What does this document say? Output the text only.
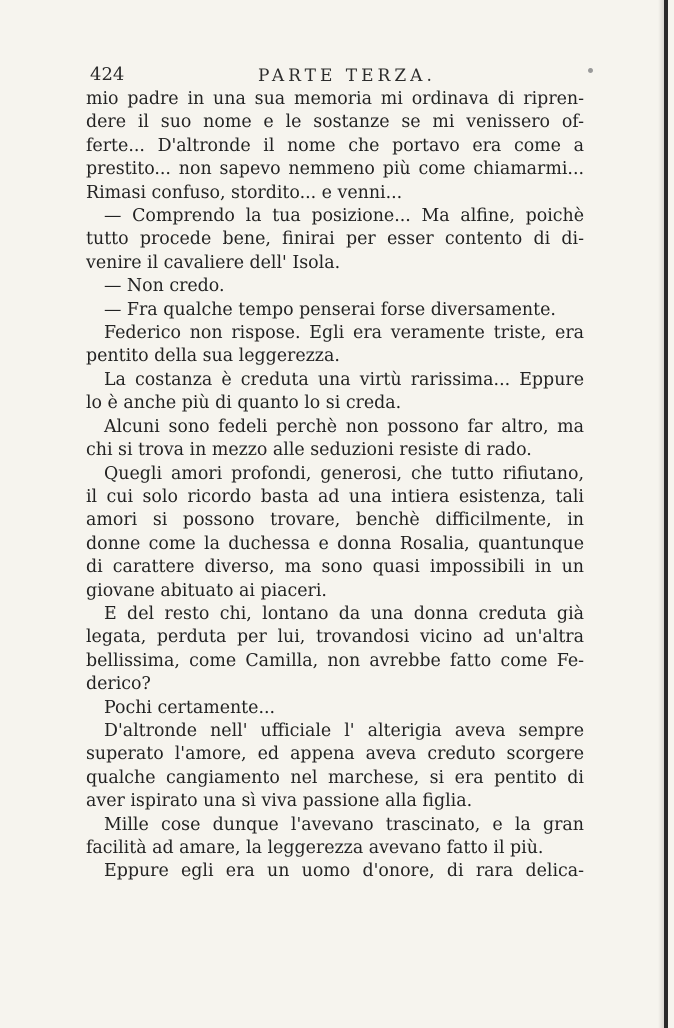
424	PARTE TERZA.

mio padre in una sua memoria mi ordinava di ripren-
dere il suo nome e le sostanze se mi venissero of-
ferte... D'altronde il nome che portavo era come a
prestito... non sapevo nemmeno più come chiamarmi...
Rimasi confuso, stordito... e venni...

— Comprendo la tua posizione... Ma alfine, poichè
tutto procede bene, finirai per esser contento di di-
venire il cavaliere dell' Isola.

— Non credo.

— Fra qualche tempo penserai forse diversamente.

Federico non rispose. Egli era veramente triste, era
pentito della sua leggerezza.

La costanza è creduta una virtù rarissima... Eppure
lo è anche più di quanto lo si creda.

Alcuni sono fedeli perchè non possono far altro, ma
chi si trova in mezzo alle seduzioni resiste di rado.

Quegli amori profondi, generosi, che tutto rifiutano,
il cui solo ricordo basta ad una intiera esistenza, tali
amori si possono trovare, benchè difficilmente, in
donne come la duchessa e donna Rosalia, quantunque
di carattere diverso, ma sono quasi impossibili in un
giovane abituato ai piaceri.

E del resto chi, lontano da una donna creduta già
legata, perduta per lui, trovandosi vicino ad un'altra
bellissima, come Camilla, non avrebbe fatto come Fe-
derico?

Pochi certamente...

D'altronde nell' ufficiale l' alterigia aveva sempre
superato l'amore, ed appena aveva creduto scorgere
qualche cangiamento nel marchese, si era pentito di
aver ispirato una sì viva passione alla figlia.

Mille cose dunque l'avevano trascinato, e la gran
facilità ad amare, la leggerezza avevano fatto il più.

Eppure egli era un uomo d'onore, di rara delica-
